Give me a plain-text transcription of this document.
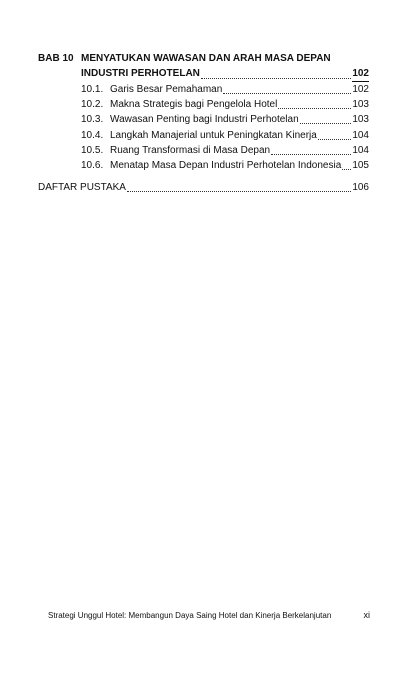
BAB 10 MENYATUKAN WAWASAN DAN ARAH MASA DEPAN
INDUSTRI PERHOTELAN	102
10.1. Garis Besar Pemahaman	102
10.2. Makna Strategis bagi Pengelola Hotel	103
10.3. Wawasan Penting bagi Industri Perhotelan	103
10.4. Langkah Manajerial untuk Peningkatan Kinerja	104
10.5. Ruang Transformasi di Masa Depan	104
10.6. Menatap Masa Depan Industri Perhotelan Indonesia 105
DAFTAR PUSTAKA	106
Strategi Unggul Hotel: Membangun Daya Saing Hotel dan Kinerja Berkelanjutan	xi
